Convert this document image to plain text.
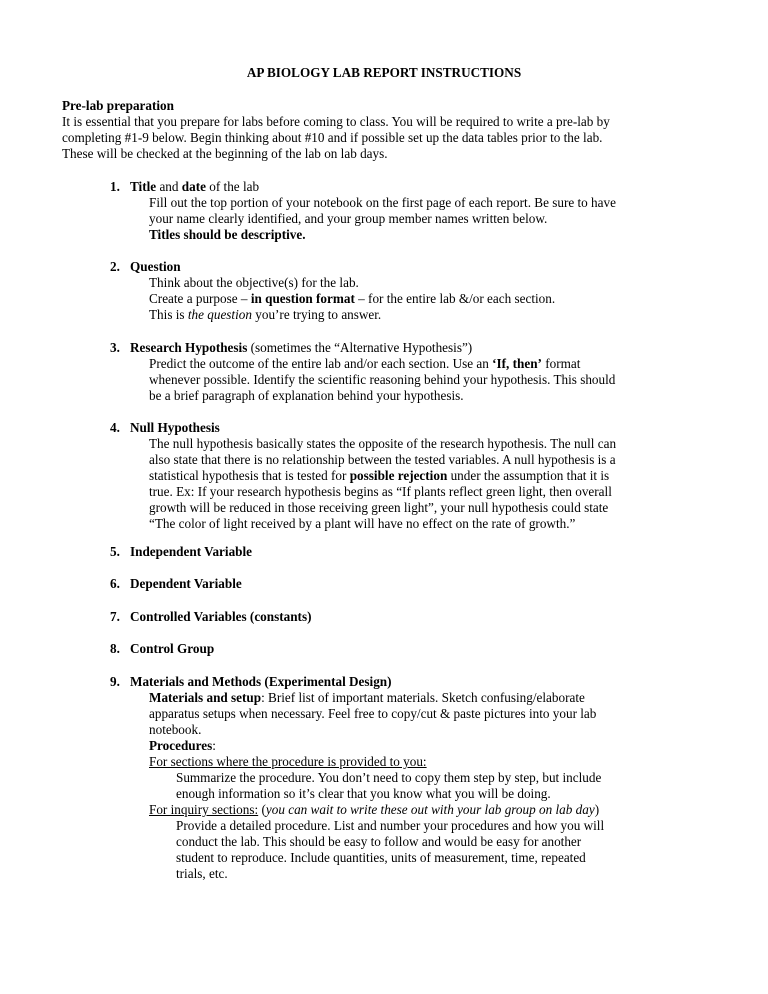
AP BIOLOGY LAB REPORT INSTRUCTIONS
Pre-lab preparation
It is essential that you prepare for labs before coming to class. You will be required to write a pre-lab by
completing #1-9 below. Begin thinking about #10 and if possible set up the data tables prior to the lab.
These will be checked at the beginning of the lab on lab days.
1. Title and date of the lab
Fill out the top portion of your notebook on the first page of each report. Be sure to have
your name clearly identified, and your group member names written below.
Titles should be descriptive.
2. Question
Think about the objective(s) for the lab.
Create a purpose – in question format – for the entire lab &/or each section.
This is the question you’re trying to answer.
3. Research Hypothesis (sometimes the “Alternative Hypothesis”)
Predict the outcome of the entire lab and/or each section. Use an ‘If, then’ format
whenever possible. Identify the scientific reasoning behind your hypothesis. This should
be a brief paragraph of explanation behind your hypothesis.
4. Null Hypothesis
The null hypothesis basically states the opposite of the research hypothesis. The null can
also state that there is no relationship between the tested variables. A null hypothesis is a
statistical hypothesis that is tested for possible rejection under the assumption that it is
true. Ex: If your research hypothesis begins as “If plants reflect green light, then overall
growth will be reduced in those receiving green light”, your null hypothesis could state
“The color of light received by a plant will have no effect on the rate of growth.”
5. Independent Variable
6. Dependent Variable
7. Controlled Variables (constants)
8. Control Group
9. Materials and Methods (Experimental Design)
Materials and setup: Brief list of important materials. Sketch confusing/elaborate
apparatus setups when necessary. Feel free to copy/cut & paste pictures into your lab
notebook.
Procedures:
For sections where the procedure is provided to you:
Summarize the procedure. You don’t need to copy them step by step, but include
enough information so it’s clear that you know what you will be doing.
For inquiry sections: (you can wait to write these out with your lab group on lab day)
Provide a detailed procedure. List and number your procedures and how you will
conduct the lab. This should be easy to follow and would be easy for another
student to reproduce. Include quantities, units of measurement, time, repeated
trials, etc.
